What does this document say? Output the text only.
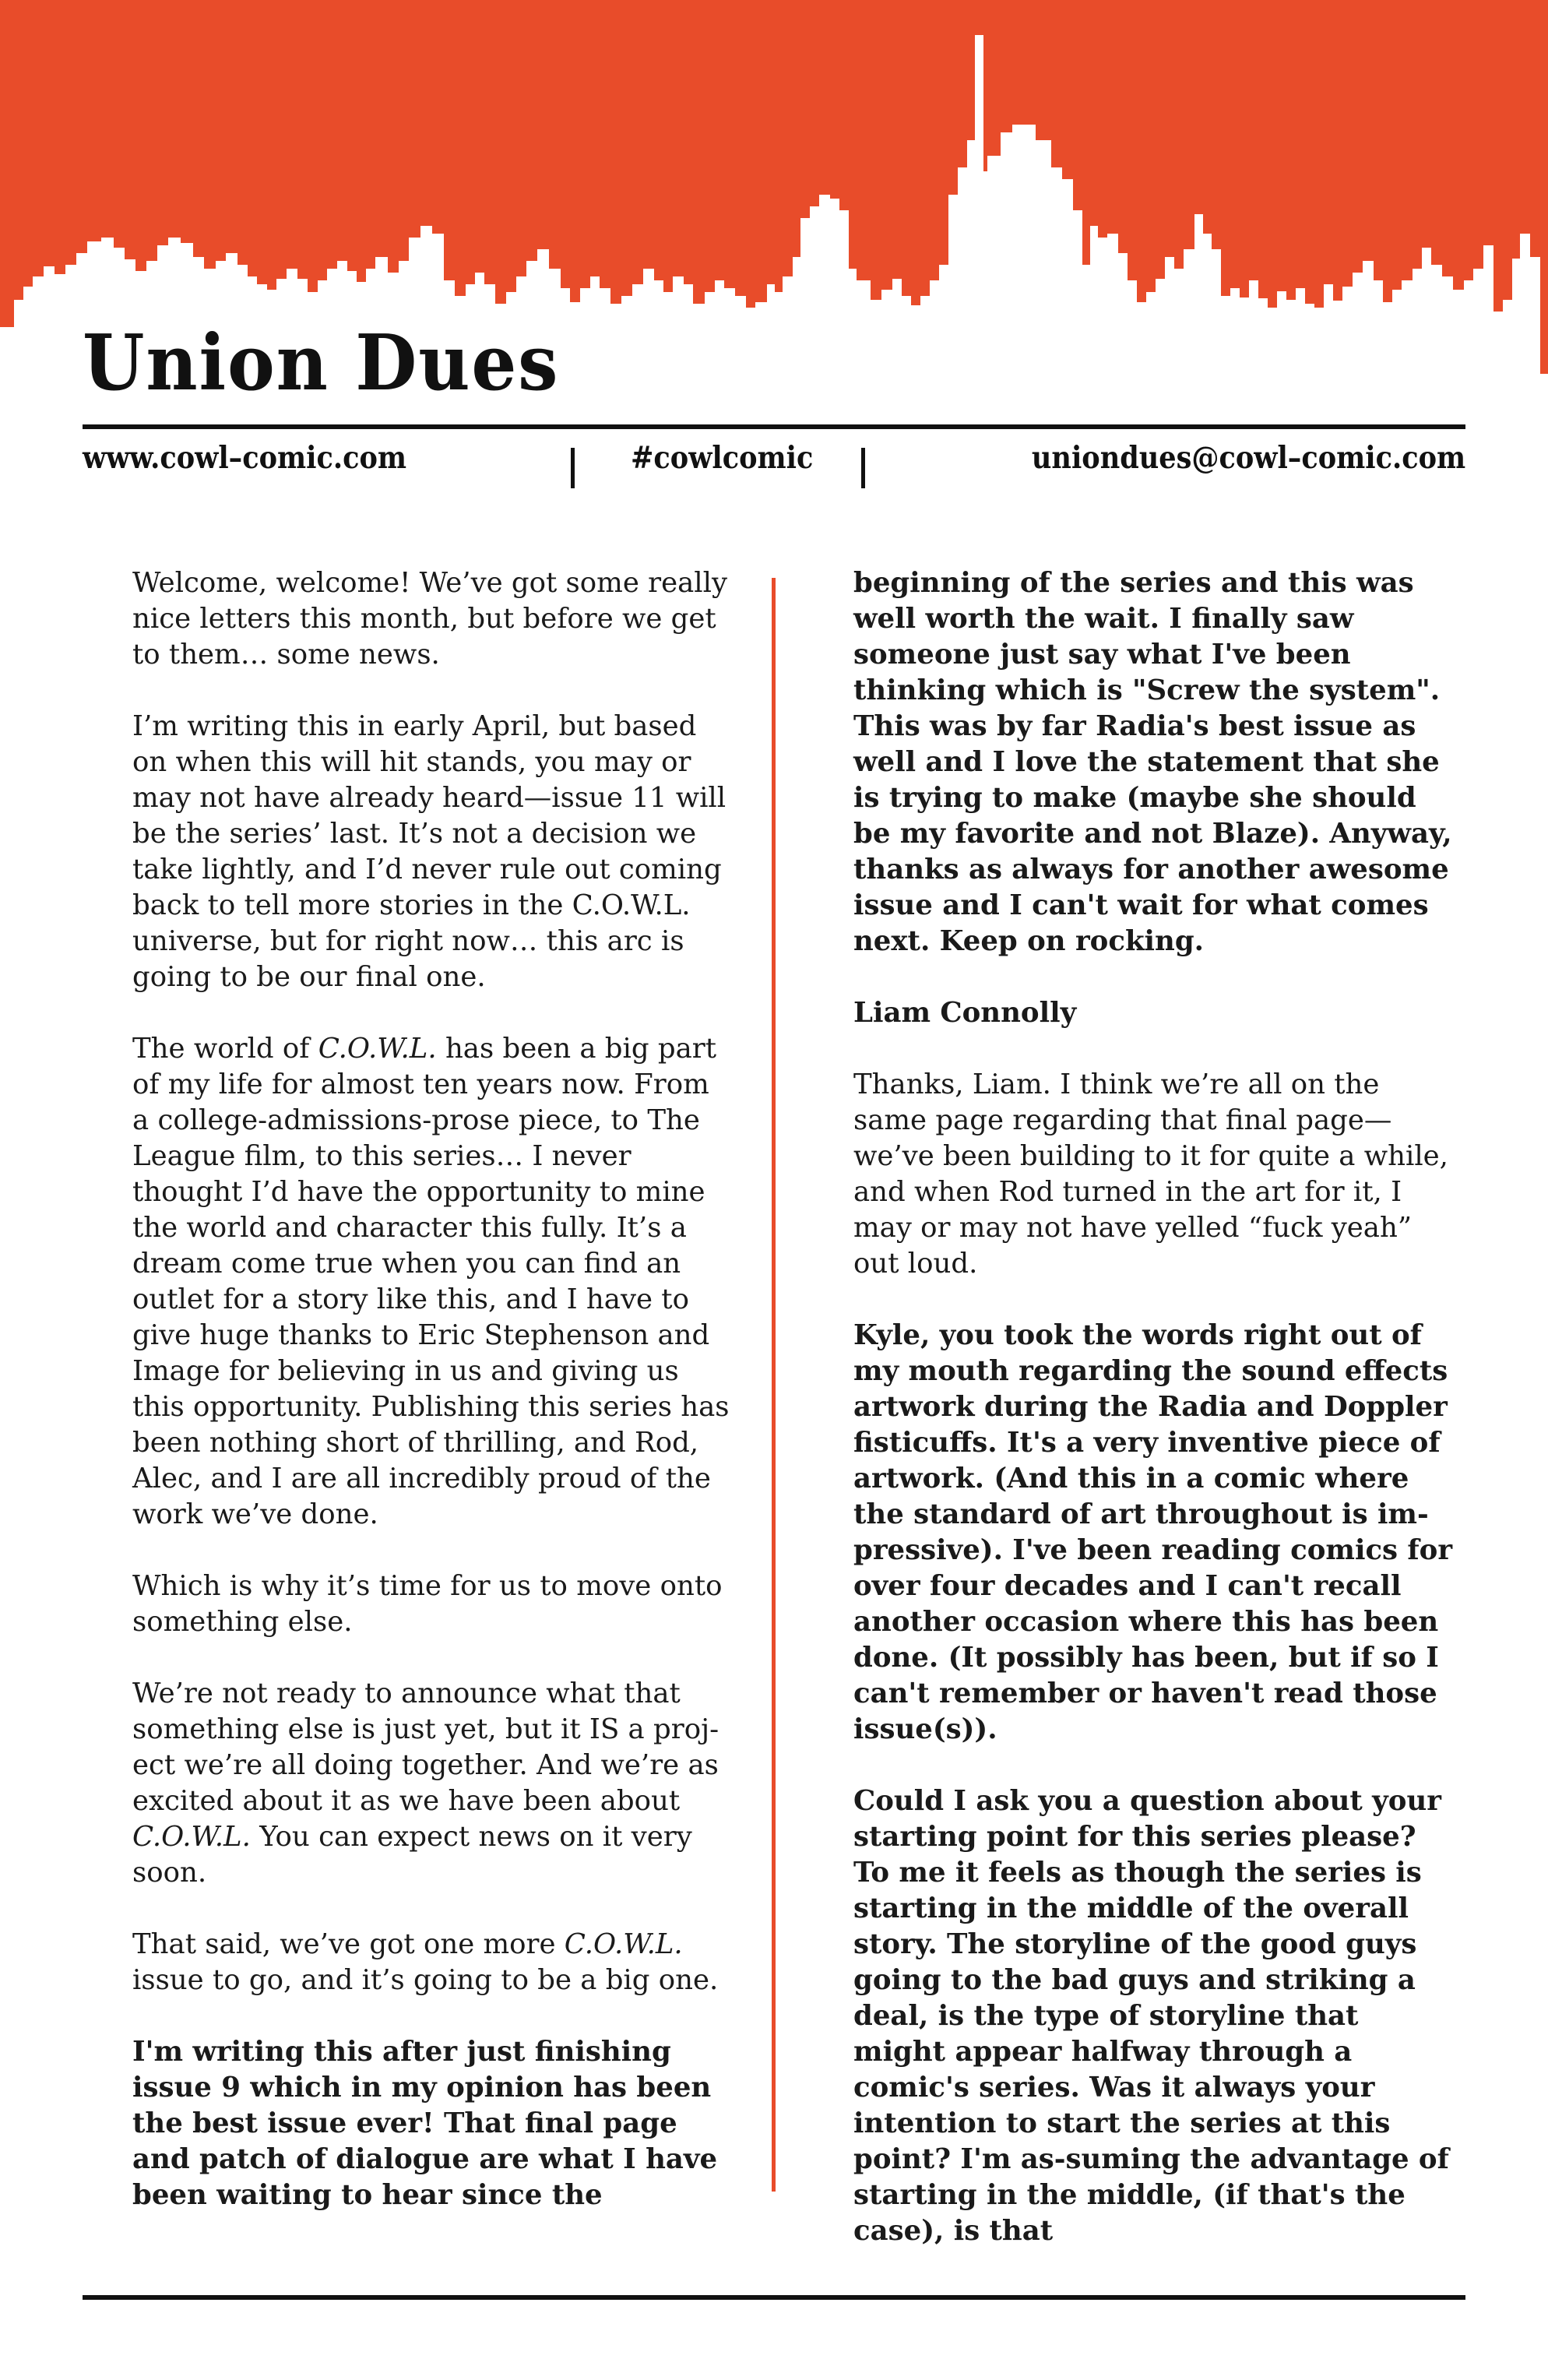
Union Dues
www.cowl–comic.com	#cowlcomic	uniondues@cowl–comic.com

Welcome, welcome! We’ve got some really nice letters this month, but before we get to them… some news.

I’m writing this in early April, but based on when this will hit stands, you may or may not have already heard—issue 11 will be the series’ last. It’s not a decision we take lightly, and I’d never rule out coming back to tell more stories in the C.O.W.L. universe, but for right now… this arc is going to be our final one.

The world of C.O.W.L. has been a big part of my life for almost ten years now. From a college-admissions-prose piece, to The League film, to this series… I never thought I’d have the opportunity to mine the world and character this fully. It’s a dream come true when you can find an outlet for a story like this, and I have to give huge thanks to Eric Stephenson and Image for believing in us and giving us this opportunity. Publishing this series has been nothing short of thrilling, and Rod, Alec, and I are all incredibly proud of the work we’ve done.

Which is why it’s time for us to move onto something else.

We’re not ready to announce what that something else is just yet, but it IS a proj-ect we’re all doing together. And we’re as excited about it as we have been about C.O.W.L. You can expect news on it very soon.

That said, we’ve got one more C.O.W.L. issue to go, and it’s going to be a big one.

I'm writing this after just finishing issue 9 which in my opinion has been the best issue ever! That final page and patch of dialogue are what I have been waiting to hear since the

beginning of the series and this was well worth the wait. I finally saw someone just say what I've been thinking which is "Screw the system". This was by far Radia's best issue as well and I love the statement that she is trying to make (maybe she should be my favorite and not Blaze). Anyway, thanks as always for another awesome issue and I can't wait for what comes next. Keep on rocking.

Liam Connolly

Thanks, Liam. I think we’re all on the same page regarding that final page—we’ve been building to it for quite a while, and when Rod turned in the art for it, I may or may not have yelled “fuck yeah” out loud.

Kyle, you took the words right out of my mouth regarding the sound effects artwork during the Radia and Doppler fisticuffs. It's a very inventive piece of artwork. (And this in a comic where the standard of art throughout is im-pressive). I've been reading comics for over four decades and I can't recall another occasion where this has been done. (It possibly has been, but if so I can't remember or haven't read those issue(s)).

Could I ask you a question about your starting point for this series please? To me it feels as though the series is starting in the middle of the overall story. The storyline of the good guys going to the bad guys and striking a deal, is the type of storyline that might appear halfway through a comic's series. Was it always your intention to start the series at this point? I'm as-suming the advantage of starting in the middle, (if that's the case), is that
